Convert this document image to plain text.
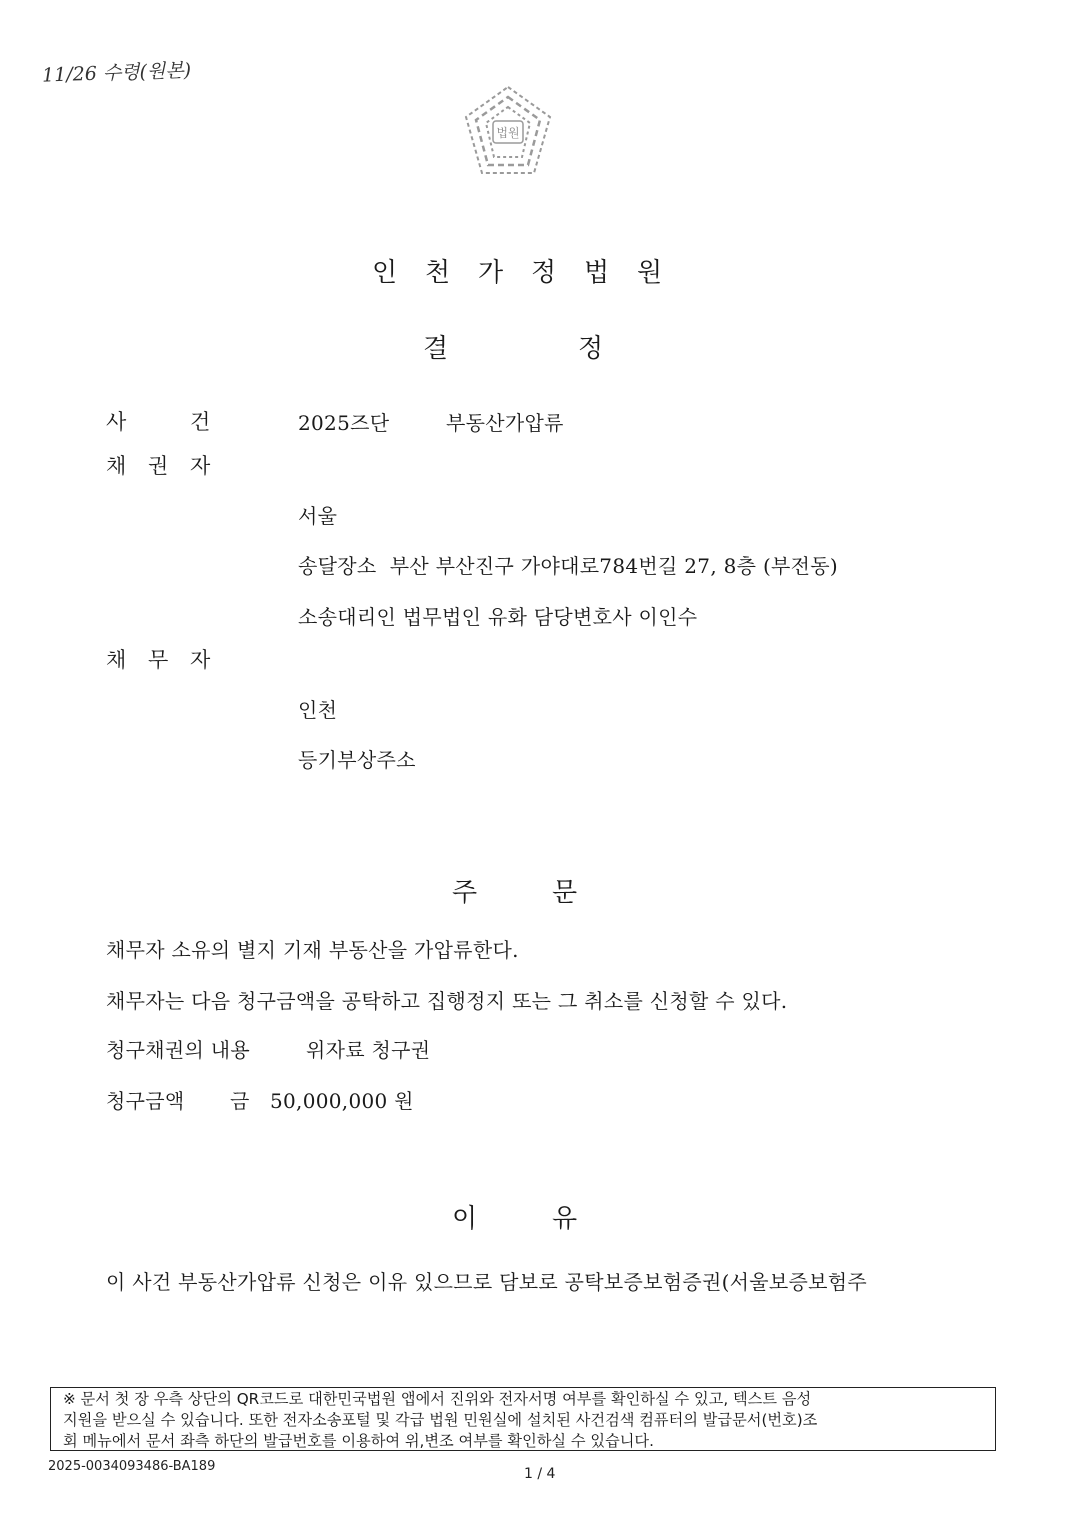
11/26 수령(원본)
법원
인 천 가 정 법 원
결	정
사	건	2025즈단	부동산가압류
채 권 자
서울
송달장소  부산 부산진구 가야대로784번길 27, 8층 (부전동)
소송대리인 법무법인 유화 담당변호사 이인수
채 무 자
인천
등기부상주소
주	문
채무자 소유의 별지 기재 부동산을 가압류한다.
채무자는 다음 청구금액을 공탁하고 집행정지 또는 그 취소를 신청할 수 있다.
청구채권의 내용	위자료 청구권
청구금액 금 50,000,000 원
이	유
이 사건 부동산가압류 신청은 이유 있으므로 담보로 공탁보증보험증권(서울보증보험주
※ 문서 첫 장 우측 상단의 QR코드로 대한민국법원 앱에서 진위와 전자서명 여부를 확인하실 수 있고, 텍스트 음성
지원을 받으실 수 있습니다. 또한 전자소송포털 및 각급 법원 민원실에 설치된 사건검색 컴퓨터의 발급문서(번호)조
회 메뉴에서 문서 좌측 하단의 발급번호를 이용하여 위,변조 여부를 확인하실 수 있습니다.
2025-0034093486-BA189	1 / 4
